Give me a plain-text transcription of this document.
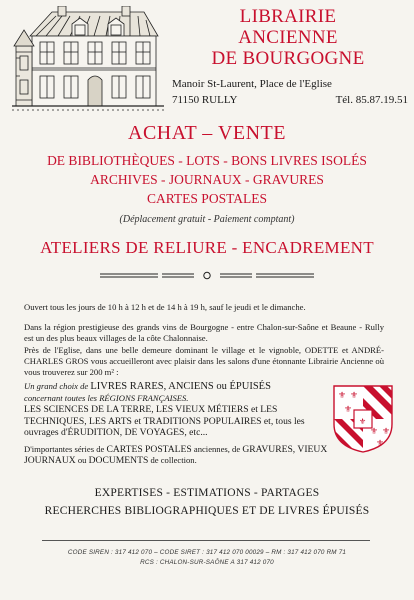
LIBRAIRIE
ANCIENNE
DE BOURGOGNE
Manoir St-Laurent, Place de l'Eglise
71150 RULLY	Tél. 85.87.19.51
ACHAT – VENTE
DE BIBLIOTHÈQUES - LOTS - BONS LIVRES ISOLÉS
ARCHIVES - JOURNAUX - GRAVURES
CARTES POSTALES
(Déplacement gratuit - Paiement comptant)
ATELIERS DE RELIURE - ENCADREMENT
Ouvert tous les jours de 10 h à 12 h et de 14 h à 19 h, sauf le jeudi et le dimanche.
Dans la région prestigieuse des grands vins de Bourgogne - entre Chalon-sur-Saône et Beaune - Rully est un des plus beaux villages de la côte Chalonnaise.
Près de l'Eglise, dans une belle demeure dominant le village et le vignoble, ODETTE et ANDRÉ-CHARLES GROS vous accueilleront avec plaisir dans les salons d'une étonnante Librairie Ancienne où vous trouverez sur 200 m² :
Un grand choix de LIVRES RARES, ANCIENS ou ÉPUISÉS
concernant toutes les RÉGIONS FRANÇAISES.
LES SCIENCES DE LA TERRE, LES VIEUX MÉTIERS et LES TECHNIQUES, LES ARTS et TRADITIONS POPULAIRES et, tous les ouvrages d'ÉRUDITION, DE VOYAGES, etc...
⚜ ⚜
⚜
⚜ ⚜
⚜
⚜
D'importantes séries de CARTES POSTALES anciennes, de GRAVURES, VIEUX JOURNAUX ou DOCUMENTS de collection.
EXPERTISES - ESTIMATIONS - PARTAGES
RECHERCHES BIBLIOGRAPHIQUES ET DE LIVRES ÉPUISÉS
CODE SIREN : 317 412 070 – CODE SIRET : 317 412 070 00029 – RM : 317 412 070 RM 71
RCS : CHALON-SUR-SAÔNE A 317 412 070
